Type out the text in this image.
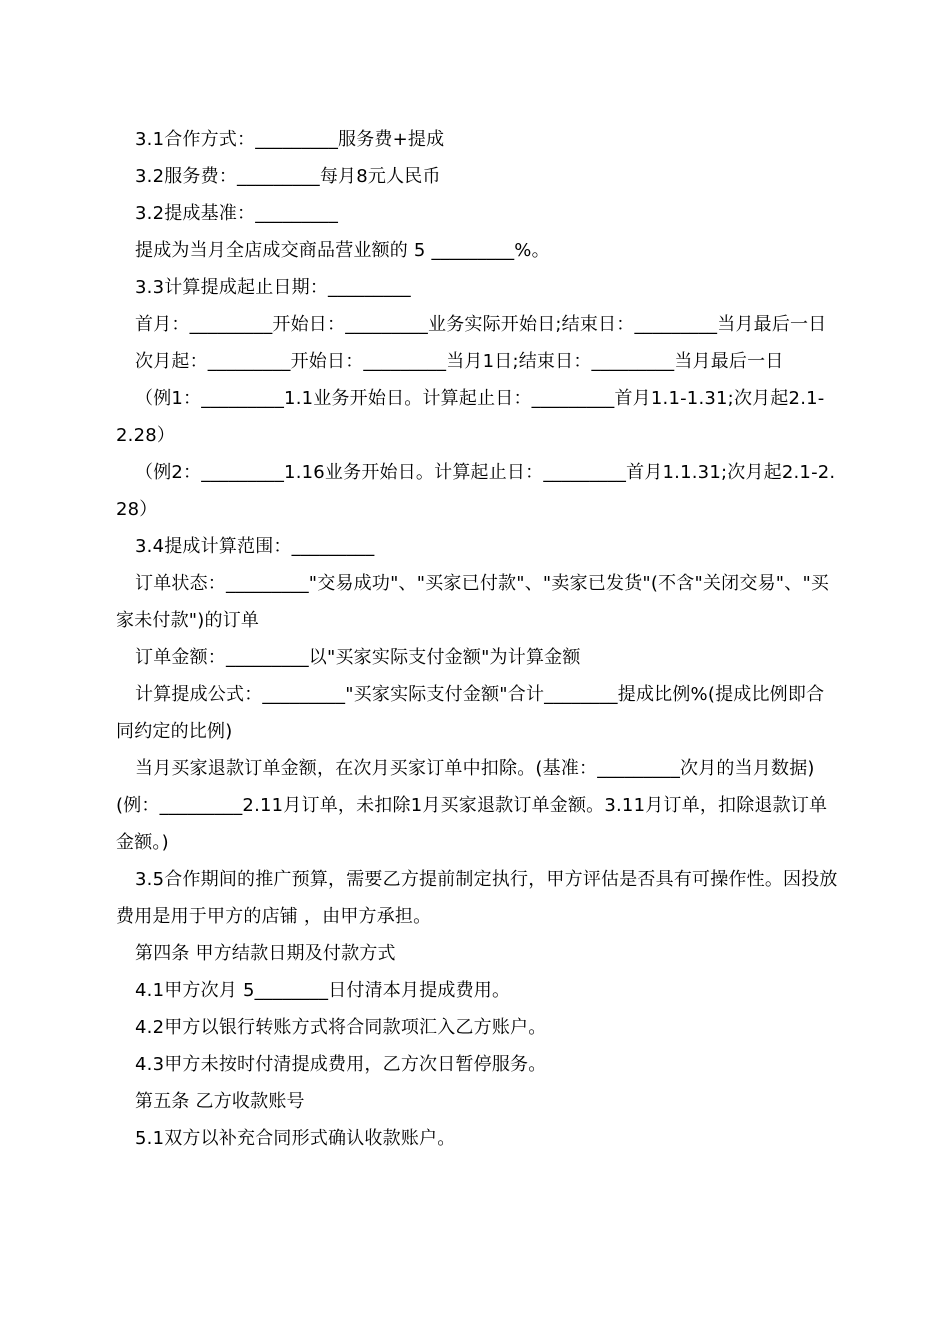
3.1合作方式：_________服务费+提成

3.2服务费：_________每月8元人民币

3.2提成基准：_________

提成为当月全店成交商品营业额的 5 _________%。

3.3计算提成起止日期：_________

首月：_________开始日：_________业务实际开始日;结束日：_________当月最后一日

次月起：_________开始日：_________当月1日;结束日：_________当月最后一日

（例1：_________1.1业务开始日。计算起止日：_________首月1.1-1.31;次月起2.1-2.28）

（例2：_________1.16业务开始日。计算起止日：_________首月1.1.31;次月起2.1-2.28）

3.4提成计算范围：_________

订单状态：_________"交易成功"、"买家已付款"、"卖家已发货"(不含"关闭交易"、"买家未付款")的订单

订单金额：_________以"买家实际支付金额"为计算金额

计算提成公式：_________"买家实际支付金额"合计________提成比例%(提成比例即合同约定的比例)

当月买家退款订单金额，在次月买家订单中扣除。(基准：_________次月的当月数据)(例：_________2.11月订单，未扣除1月买家退款订单金额。3.11月订单，扣除退款订单金额。)

3.5合作期间的推广预算，需要乙方提前制定执行，甲方评估是否具有可操作性。因投放费用是用于甲方的店铺 ，由甲方承担。

第四条 甲方结款日期及付款方式

4.1甲方次月 5________日付清本月提成费用。

4.2甲方以银行转账方式将合同款项汇入乙方账户。

4.3甲方未按时付清提成费用，乙方次日暂停服务。

第五条 乙方收款账号

5.1双方以补充合同形式确认收款账户。
